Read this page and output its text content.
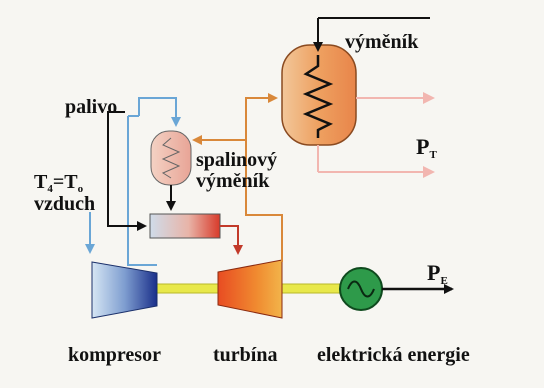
výměník
palivo
spalinový
výměník
$T_4=T_o$
vzduch
$P_T$
$P_E$
kompresor	turbína elektrická energie
